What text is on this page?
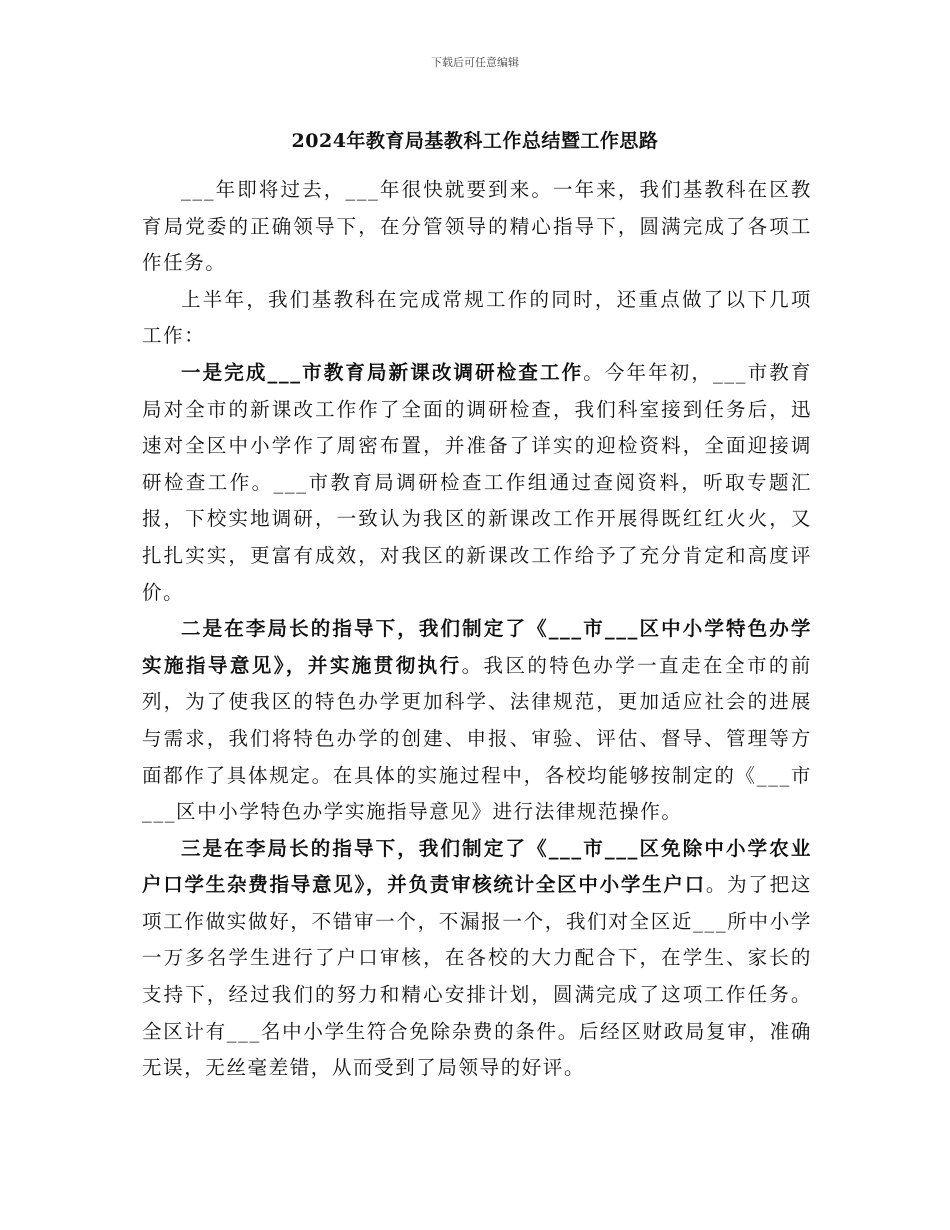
下载后可任意编辑
2024年教育局基教科工作总结暨工作思路

___年即将过去，___年很快就要到来。一年来，我们基教科在区教育局党委的正确领导下，在分管领导的精心指导下，圆满完成了各项工作任务。

上半年，我们基教科在完成常规工作的同时，还重点做了以下几项工作：

一是完成___市教育局新课改调研检查工作。今年年初，___市教育局对全市的新课改工作作了全面的调研检查，我们科室接到任务后，迅速对全区中小学作了周密布置，并准备了详实的迎检资料，全面迎接调研检查工作。___市教育局调研检查工作组通过查阅资料，听取专题汇报，下校实地调研，一致认为我区的新课改工作开展得既红红火火，又扎扎实实，更富有成效，对我区的新课改工作给予了充分肯定和高度评价。

二是在李局长的指导下，我们制定了《___市___区中小学特色办学实施指导意见》，并实施贯彻执行。我区的特色办学一直走在全市的前列，为了使我区的特色办学更加科学、法律规范，更加适应社会的进展与需求，我们将特色办学的创建、申报、审验、评估、督导、管理等方面都作了具体规定。在具体的实施过程中，各校均能够按制定的《___市___区中小学特色办学实施指导意见》进行法律规范操作。

三是在李局长的指导下，我们制定了《___市___区免除中小学农业户口学生杂费指导意见》，并负责审核统计全区中小学生户口。为了把这项工作做实做好，不错审一个，不漏报一个，我们对全区近___所中小学一万多名学生进行了户口审核，在各校的大力配合下，在学生、家长的支持下，经过我们的努力和精心安排计划，圆满完成了这项工作任务。全区计有___名中小学生符合免除杂费的条件。后经区财政局复审，准确无误，无丝毫差错，从而受到了局领导的好评。
